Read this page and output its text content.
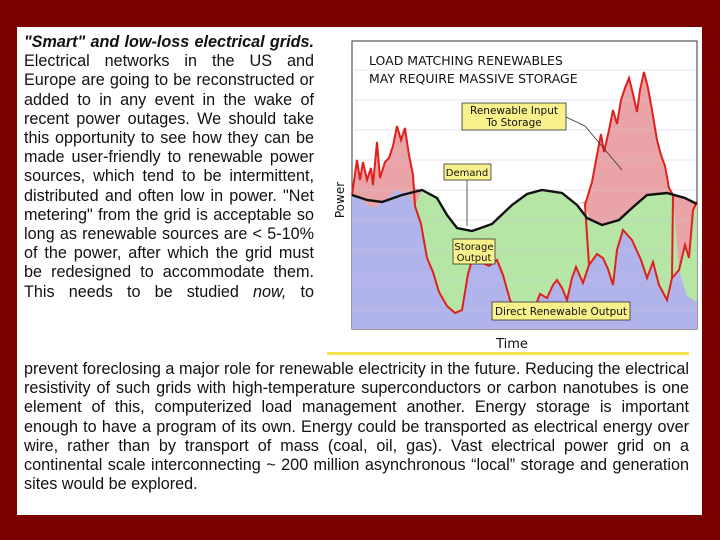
"Smart" and low-loss electrical grids. Electrical networks in the US and Europe are going to be reconstructed or added to in any event in the wake of recent power outages. We should take this opportunity to see how they can be made user-friendly to renewable power sources, which tend to be intermittent, distributed and often low in power. "Net metering" from the grid is acceptable so long as renewable sources are < 5-10% of the power, after which the grid must be redesigned to accommodate them. This needs to be studied now, to
LOAD MATCHING RENEWABLES
MAY REQUIRE MASSIVE STORAGE
Power
Time
Renewable Input
To Storage
Demand
Storage
Output
Direct Renewable Output
prevent foreclosing a major role for renewable electricity in the future. Reducing the electrical resistivity of such grids with high-temperature superconductors or carbon nanotubes is one element of this, computerized load management another. Energy storage is important enough to have a program of its own. Energy could be transported as electrical energy over wire, rather than by transport of mass (coal, oil, gas). Vast electrical power grid on a continental scale interconnecting ~ 200 million asynchronous “local” storage and generation sites would be explored.
